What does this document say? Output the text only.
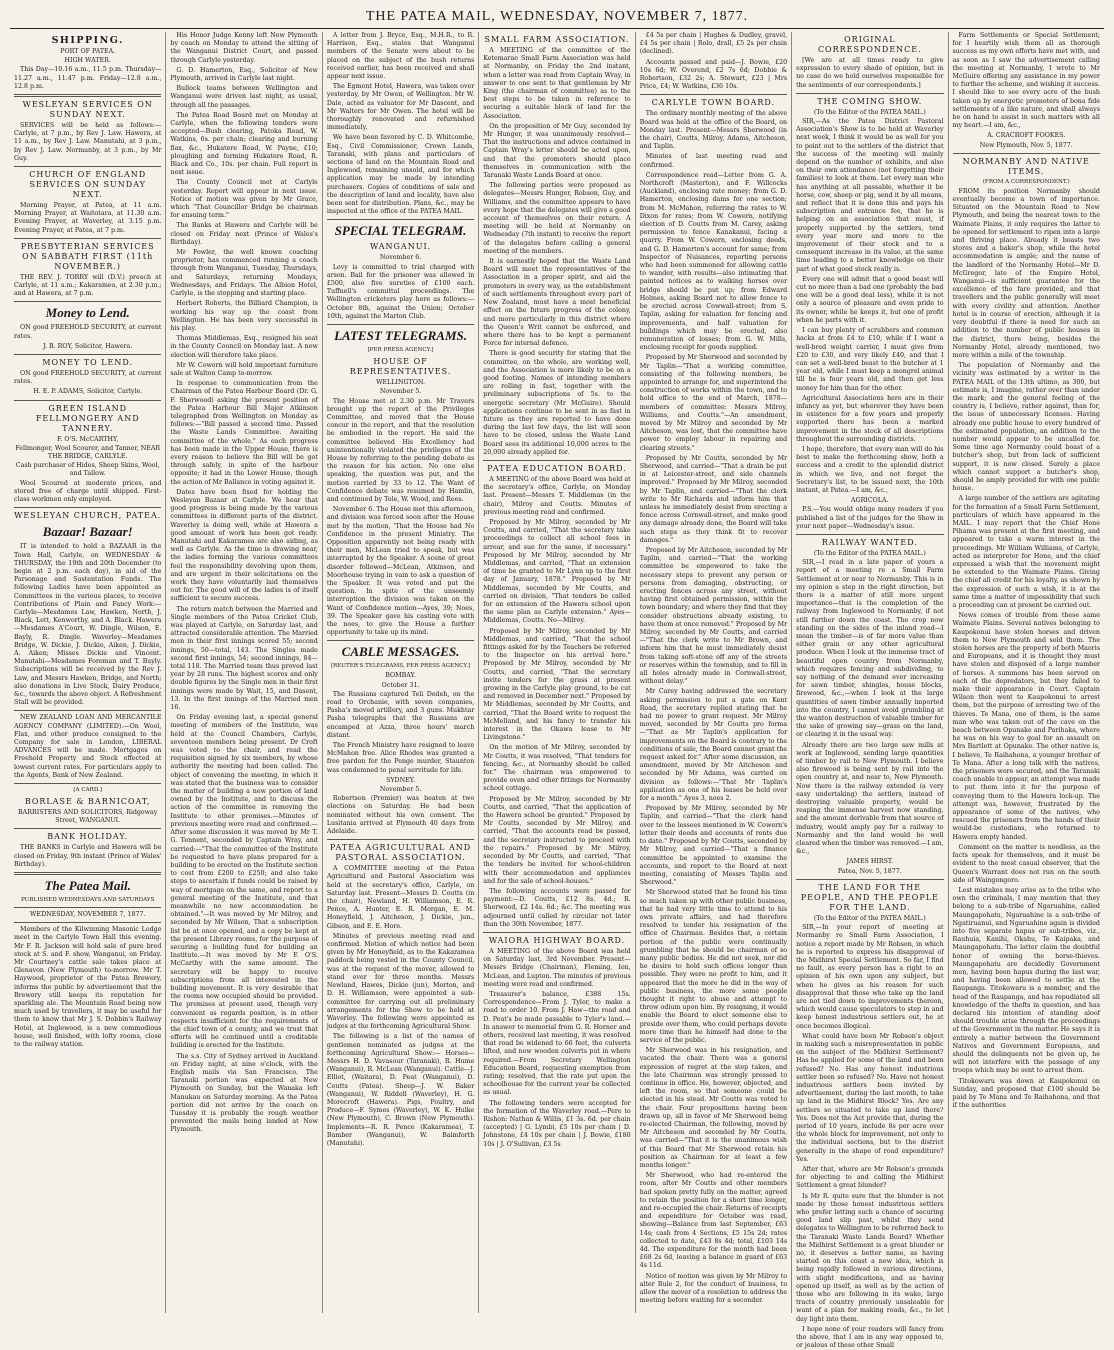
THE PATEA MAIL, WEDNESDAY, NOVEMBER 7, 1877.
SHIPPING.
PORT OF PATEA.
HIGH WATER.
This Day—10.16 a.m., 11.5 p.m. Thursday—11.27 a.m., 11.47 p.m. Friday—12.8 a.m., 12.8 p.m.
WESLEYAN SERVICES ON SUNDAY NEXT.
SERVICES will be held as follows:— Carlyle, at 7 p.m., by Rev J. Law. Hawera, at 11 a.m., by Rev J. Law. Manutahi, at 3 p.m., by Rev J. Law. Normanby, at 3 p.m., by Mr Guy.
CHURCH OF ENGLAND SERVICES ON SUNDAY NEXT.
Morning Prayer, at Patea, at 11 a.m. Morning Prayer, at Waitotara, at 11.30 a.m. Evening Prayer, at Waverley, at 3.15 p.m. Evening Prayer, at Patea, at 7 p.m.
PRESBYTERIAN SERVICES ON SABBATH FIRST (11th NOVEMBER.)
THE REV. J. TORRY will (D.V.) preach at Carlyle, at 11 a.m.; Kakaramea, at 2.30 p.m.; and at Hawera, at 7 p.m.
Money to Lend.
ON good FREEHOLD SECURITY, at current rates.
J. B. ROY, Solicitor, Hawera.
MONEY TO LEND.
ON good FREEHOLD SECURITY, at current rates.
H. E. P. ADAMS, Solicitor, Carlyle.
GREEN ISLAND FELLMONGERY AND TANNERY.
F. O'S. McCARTHY,
Fellmonger, Wool Scourer, and Tanner, NEAR THE BRIDGE, CARLYLE.
Cash purchaser of Hides, Sheep Skins, Wool, and Tallow.
Wool Scoured at moderate prices, and stored free of charge until shipped. First-class workmen only employed.
WESLEYAN CHURCH, PATEA.
Bazaar! Bazaar!
IT is intended to hold a BAZAAR in the Town Hall, Carlyle, on WEDNESDAY & THURSDAY, the 19th and 20th December (to begin at 2 p.m. each day), in aid of the Parsonage and Sustentation Funds. The following Ladies have been appointed as Committees in the various places, to receive Contributions of Plain and Fancy Work:— Carlyle—Mesdames Law, Hawken, North, J. Black, Lett, Kenworthy, and A. Black. Hawera—Mesdames A'Court, W. Dingle, Wilson, E. Bayly, R. Dingle. Waverley—Mesdames Bridge, W. Dickie, J. Dickie, Aiken, J. Dickie, A. Aiken; Misses Dickie and Vincent. Manutahi—Mesdames Foreman and T. Bayly. Subscriptions will be received by the Rev J. Law, and Messrs Hawken, Bridge, and North; also donations in Live Stock, Dairy Produce, &c., towards the above object. A Refreshment Stall will be provided.
NEW ZEALAND LOAN AND MERCANTILE AGENCY COMPANY (LIMITED).—On Wool, Flax, and other produce consigned to the Company for sale in London, LIBERAL ADVANCES will be made. Mortgages on Freehold Property and Stock effected at lowest current rates. For particulars apply to the Agents, Bank of New Zealand.
[A CARD.]
BORLASE & BARNICOAT,
BARRISTERS AND SOLICITORS, Ridgeway Street, WANGANUI.
BANK HOLIDAY.
THE BANKS in Carlyle and Hawera will be closed on Friday, 9th instant (Prince of Wales' Birthday).
The Patea Mail.
PUBLISHED WEDNESDAYS AND SATURDAYS
WEDNESDAY, NOVEMBER 7, 1877.
Members of the Kilwinning Masonic Lodge meet in the Carlyle Town Hall this evening. Mr F. R. Jackson will hold sale of pure bred stock at S. and F. show, Wanganui, on Friday. Mr Courtney's cattle sale takes place at Glenavon (New Plymouth) to-morrow. Mr T. Haywood, proprietor of the Patea Brewery, informs the public by advertisement that the Brewery still keeps its reputation for sparkling ale. The Mountain Road being now much used by travellers, it may be useful for them to know that Mr J. S. Dobbin's Railway Hotel, at Inglewood, is a new commodious house, well finished, with lofty rooms, close to the railway station.
His Honor Judge Kenny left New Plymouth by coach on Monday to attend the sitting of the Wanganui District Court, and passed through Carlyle yesterday.
G. D. Hamerton, Esq., Solicitor of New Plymouth, arrived in Carlyle last night.
Bullock teams between Wellington and Wanganui were driven last night, as usual, through all the passages.
The Patea Road Board met on Monday at Carlyle, when the following tenders were accepted—Bush clearing, Patoka Road, W. Watkins, 6s. per chain; clearing and burning flax, &c., Hukatere Road, W. Payne, £10; ploughing and forming Hukatere Road, R. Black and Co., 10s. per chain. Full report in next issue.
The County Council met at Carlyle yesterday. Report will appear in next issue. Notice of motion was given by Mr Grace, which "That Councillor Bridge be chairman for ensuing term."
The Banks at Hawera and Carlyle will be closed on Friday next (Prince of Wales's Birthday).
Mr Fowler, the well known coaching proprietor, has commenced running a coach through from Wanganui, Tuesday, Thursdays, and Saturdays, returning Mondays, Wednesdays, and Fridays. The Albion Hotel, Carlyle, is the stopping and starting place.
Herbert Roberts, the Billiard Champion, is working his way up the coast from Wellington. He has been very successful in his play.
Thomas Middlemas, Esq., resigned his seat in the County Council on Monday last. A new election will therefore take place.
Mr W. Cowern will hold important furniture sale at Walton Camp to-morrow.
In response to communication from the Chairman of the Patea Harbour Board (Dr. G. F. Sherwood) asking the present position of the Patea Harbour Bill Major Atkinson telegraphed from Wellington on Monday as follows:—"Bill passed a second time. Passed the Waste Lands Committee. Awaiting committee of the whole." As each progress has been made in the Upper House, there is every reason to believe the Bill will be got through safely, in spite of the harbour opposite; it had in the Lower House, though the action of Mr Ballance in voting against it.
Dates have been fixed for holding the Wesleyan Bazaar at Carlyle. We hear that good progress is being made by the various committees in different parts of the district. Waverley is doing well, while at Hawera a good amount of work has been got ready. Manutahi and Kakaramea are also aiding, as well as Carlyle. As the time is drawing near, the ladies forming the various committees feel the responsibility devolving upon them, and are urgent in their solicitations on the work they have voluntarily laid themselves out for. The good will of the ladies is of itself sufficient to secure success.
The return match between the Married and Single members of the Patea Cricket Club, was played at Carlyle, on Saturday last, and attracted considerable attention. The Married men in their first innings scored 55; second innings, 50—total, 143. The Singles made second first innings, 54; second innings, 84—total 118. The Married team thus proved last year by 28 runs. The highest scores and only double figures by the Single men in their first innings were made by Wait, 15, and Dasent, 13. In the first innings of the Married men 16.
On Friday evening last, a special general meeting of members of the Institute, was held at the Council Chambers, Carlyle, seventeen members being present. Dr Croft was voted to the chair, and read the requisition signed by six members, by whose authority the meeting had been called. The object of convening the meeting, in which it was stated that the business was to consider the matter of building a new portion of land owned by the Institute, and to discuss the action of the committee in removing the Institute to other premises.—Minutes of previous meeting were read and confirmed.—After some discussion it was moved by Mr T. G. Tennent, seconded by Captain Wray, and carried:—"That the committee of the Institute be requested to have plans prepared for a building to be erected on the Institute section to cost from £200 to £250; and also take steps to ascertain if funds could be raised by way of mortgage on the same, and report to a general meeting of the Institute, and that meanwhile no new accommodation be obtained."—It was moved by Mr Milroy, and seconded by Mr Wilson, That a subscription list be at once opened, and a copy be kept at the present Library rooms, for the purpose of securing a building fund for building an Institute.—It was moved by Mr F. O'S. McCarthy with the same amount. The secretary will be happy to receive subscriptions from all interested in the building movement. It is very desirable that the rooms now occupied should be provided. The premises at present used, though very convenient as regards position, is in other respects insufficient for the requirements of the chief town of a county, and we trust that efforts will be continued until a creditable building is erected for the Institute.
The s.s. City of Sydney arrived in Auckland on Friday night, at nine o'clock, with the English mails via San Francisco. The Taranaki portion was expected at New Plymouth on Sunday, but the Wanaka left Manukau on Saturday morning. As the Patea portion did not arrive by the coach on Tuesday it is probably the rough weather prevented the mails being landed at New Plymouth.
A letter from J. Bryce, Esq., M.H.R., to R. Harrison, Esq., states that Wanganui members of the Senate were about to be placed on the subject of the bush returns received earlier, has been received and shall appear next issue.
The Egmont Hotel, Hawera, was taken over yesterday, by Mr Owen, of Wellington. Mr W. Dale, acted as valuator for Mr Dascent, and Mr Walters for Mr Owen. The hotel will be thoroughly renovated and refurnished immediately.
We have been favored by C. D. Whitcombe, Esq., Civil Commissioner, Crown Lands, Taranaki, with plans and particulars of sections of land on the Mountain Road and Inglewood, remaining unsold, and for which application may be made by intending purchasers. Copies of conditions of sale and the description of land and locality, have also been sent for distribution. Plans, &c., may be inspected at the office of the PATEA MAIL.
SPECIAL TELEGRAM.
WANGANUI.
November 6.
Levy is committed to trial charged with arson. Bail for the prisoner was allowed in £500, also five sureties of £100 each. Tuffnell's committal proceedings. The Wellington cricketers play here as follows:—October 8th, against the Union; October 10th, against the Marton Club.
LATEST TELEGRAMS.
[PER PRESS AGENCY.]
HOUSE OF REPRESENTATIVES.
WELLINGTON.
November 5.
The House met at 2.30 p.m. Mr Travers brought up the report of the Privileges Committee, and moved that the House concur in the report, and that the resolution be embodied in the report. He said the committee believed His Excellency had unintentionally violated the privileges of the House by referring to the pending debate as the reason for his action. No one else speaking, the question was put, and the motion carried by 33 to 12. The Want of Confidence debate was resumed by Hamlin, and continued by Tole, W. Wood, and Rees.
November 6. The House met this afternoon, and division was forced soon after the House met by the motion, 'That the House had No Confidence in the present Ministry. The Opposition apparently not being ready with their men, McLean tried to speak, but was interrupted by the Speaker. A scene of great disorder followed—McLean, Atkinson, and Moorhouse trying in vain to ask a question of the Speaker. It was voted and put the question. In spite of the unseemly interruption the division was taken on the Want of Confidence motion—Ayes, 39; Noes, 39. The Speaker gave his casting vote with the noes, to give the House a further opportunity to take up its mind.
CABLE MESSAGES.
[REUTER'S TELEGRAMS, PER PRESS AGENCY.]
BOMBAY.
October 31.
The Russians captured Teli Dedeh, on the road to Orchanie, with seven companies, Pasha's moved artillery, and 3 guns. Mukhtar Pasha telegraphs that the Russians are encamped at Azza, three hours' march distant.
The French Ministry have resigned to leave McMahon free. Alice Rhodes was granted a free pardon for the Penge murder, Staunton was condemned to penal servitude for life.
SYDNEY.
November 5.
Robertson (Premier) was beaten at two elections on Saturday. He had been nominated without his own consent. The Lusitania arrived at Plymouth 40 days from Adelaide.
PATEA AGRICULTURAL AND PASTORAL ASSOCIATION.
A COMMITTEE meeting of the Patea Agricultural and Pastoral Association was held at the secretary's office, Carlyle, on Saturday last. Present—Messrs D. Coutts (in the chair), Newland, H. Williamson, E. R. Pence, A. Hunter, E. R. Morgan, E. M. Honeyfield, J. Aitcheson, J. Dickie, jun., Gibson, and E. E. Hore.
Minutes of previous meeting read and confirmed. Motion of which notice had been given by Mr Honeyfield, as to the Kakaramea paddock being vested in the County Council, was at the request of the mover, allowed to stand over for three months. Messrs Newland, Hawes, Dickie (jun), Morton, and D. H. Williamson, were appointed a sub-committee for carrying out all preliminary arrangements for the Show to be held at Waverley. The following were appointed as judges at the forthcoming Agricultural Show.
The following is a list of the names of gentlemen nominated as judges at the forthcoming Agricultural Show:— Horses—Messrs H. D. Vavasour (Taranaki), R. Hume (Wanganui), R. McLean (Wanganui). Cattle—J. Elliot, (Waitara), D. Peat (Wanganui), D. Coutts (Patea). Sheep—J. W. Baker (Wanganui), W. Riddell (Waverley), H. G. Morecroft (Hawera). Pigs, Poultry, and Produce—F. Symes (Waverley), W. K. Hulke (New Plymouth), C. Brown (New Plymouth). Implements—R. R. Pence (Kakaramea), T. Bamber (Wanganui), W. Balmforth (Manutahi).
SMALL FARM ASSOCIATION.
A MEETING of the committee of the Ketemarae Small Farm Association was held at Normanby, on Friday the 2nd instant, when a letter was read from Captain Wray, in answer to one sent to that gentleman by Mr King (the chairman of committee) as to the best steps to be taken in reference to securing a suitable block of land for the Association.
On the proposition of Mr Guy, seconded by Mr Hunger, it was unanimously resolved—That the instructions and advice contained in Captain Wray's letter should be acted upon, and that the promoters should place themselves in communication with the Taranaki Waste Lands Board at once.
The following parties were proposed as delegates—Messrs Hunger, Robson, Guy, and Williams, and the committee appears to have every hope that the delegates will give a good account of themselves on their return. A meeting will be held at Normanby on Wednesday (7th instant) to receive the report of the delegates before calling a general meeting of the members.
It is earnestly hoped that the Waste Land Board will meet the representatives of the Association in a proper spirit, and aid the promoters in every way, as the establishment of such settlements throughout every part of New Zealand, must have a most beneficial effect on the future progress of the colony, and more particularly in this district where the Queen's Writ cannot be enforced, and where there has to be kept a permanent Force for internal defence.
There is good security for stating that the committee, on the whole, are working well, and the Association is more likely to be on a good footing. Names of intending members are rolling in fast, together with the preliminary subscriptions of 5s. to the energetic secretary (Mr McGuire). Should applications continue to be sent in as fast in future as they are reported to have done during the last few days, the list will soon have to be closed, unless the Waste Land Board sees its additional 10,000 acres to the 20,000 already applied for.
PATEA EDUCATION BOARD.
A MEETING of the above Board was held at the secretary's office, Carlyle, on Monday last. Present—Messrs T. Middlemas (in the chair), Milroy and Coutts. Minutes of previous meeting read and confirmed.
Proposed by Mr Milroy, seconded by Mr Coutts, and carried, "That the secretary take proceedings to collect all school fees in arrear, and sue for the same, if necessary." Proposed by Mr Milroy, seconded by Mr Middlemas, and carried, "That an extension of time be granted to Mr Lynn up to the first day of January, 1878." Proposed by Mr Middlemas, seconded by Mr Coutts, and carried on division, "That tenders be called for an extension of the Hawera school upon the same plan as Carlyle extension." Ayes—Middlemas, Coutts. No—Milroy.
Proposed by Mr Milroy, seconded by Mr Middlemas, and carried, "That the school fittings asked for by the Teachers be referred to the Inspector on his arrival here." Proposed by Mr Milroy, seconded by Mr Coutts, and carried, "That the secretary invite tenders for the grass at present growing in the Carlyle play ground, to be cut and removed in December next." Proposed by Mr Middlemas, seconded by Mr Coutts, and carried, "That the Board write to request the McMelland, and his fancy to transfer his interest in the Okawa lease to Mr Livingstone."
On the motion of Mr Milroy, seconded by Mr Coutts, it was resolved, "That tenders for fencing, &c., at Normanby should be called for." The chairman was empowered to provide oven and other fittings for Normanby school cottage.
Proposed by Mr Milroy, seconded by Mr Coutts, and carried, "That the application of the Hawera school be granted." Proposed by Mr Coutts, seconded by Mr Milroy, and carried, "That the accounts read be passed, and the secretary instructed to proceed with the repairs." Proposed by Mr Milroy, seconded by Mr Coutts, and carried, "That the tenders be invited for school-children with their accommodation and appliances and for the sale of school-houses."
The following accounts were passed for payment:—D. Coutts, £12 8s. 4d.; R. Sherwood, £2 14s. 6d.; &c. The meeting was adjourned until called by circular not later than the 30th November, 1877.
WAIORA HIGHWAY BOARD.
A MEETING of the above Board was held on Saturday last, 3rd November. Present—Messrs Bridge (Chairman), Fleming, Ion, McLean, and Lupton. The minutes of previous meeting were read and confirmed.
Treasurer's balance, £388 15s. Correspondence—From J. Tyler, to make a road to order 10. From J. Haw—the road and D. Peat's be made passable to Tyler's land.—In answer to memorial from G. R. Horner and others, received last meeting, it was resolved that road be widened to 66 feet, the culverts lifted, and new wooden culverts put in where required.—From Secretary Wellington Education Board, requesting exemption from rating; resolved, that the rate put upon the schoolhouse for the current year be collected as usual.
The following tenders were accepted for the formation of the Waverley road.—Pere to Rishon: Nathan & Willis, £1 3s. 6d. per chain (accepted) | G. Lymbi, £5 10s per chain | D. Johnstone, £4 10s per chain | J. Bowie, £180 10s | J. O'Sullivan, £3 5s
£4 5s per chain | Hughes & Dudley, gravel, £4 5s per chain | Rolo, drall, £5 2s per chain (declined).
Accounts passed and paid—J. Bowie, £20 10s 6d; W. Overend, £2 7s 6d; Dobbie & Robertson, £32 2s; A. Stewart, £23 | Mrs Price, £4; W. Watkins, £36 10s.
CARLYLE TOWN BOARD.
The ordinary monthly meeting of the above Board was held at the office of the Board, on Monday last. Present—Messrs Sherwood (in the chair), Coutts, Milroy, Adams, Aitcheson, and Taplin.
Minutes of last meeting read and confirmed.
Correspondence read—Letter from G. A. Northcroft (Masterton), and F. Willcocks (Auckland), enclosing rate money; from G. D. Hamerton, enclosing dams for one section; from M. McMahon, referring the rates to W. Dixon for rates; from W. Cowern, notifying election of D. Coutts from M. Carey, asking permission to fence Kanakanui, facing a quarry. From W. Cowern, enclosing deeds, and G. D. Hamerton's account for same; from Inspector of Nuisances, reporting persons who had been summoned for allowing cattle to wander, with results—also intimating that painted notices as to walking horses over bridge should be put up; from Edward Holmes, asking Board not to allow fence to be erected across Cowwall-street; from S. Taplin, asking for valuation for fencing and improvements, and half valuation for buildings which may be erected, also remuneration of losses; from G. W. Mills, enclosing receipt for goods supplied.
Proposed by Mr Sherwood and seconded by Mr Taplin—"That a working committee, consisting of the following members, be appointed to arrange for, and superintend the construction of works within the town, and to hold office to the end of March, 1878—members of committee: Messrs Milroy, Williams, and Coutts."—An amendment, moved by Mr Milroy and seconded by Mr Aitcheson, was lost, that the committee have power to employ labour in repairing and clearing streets."
Proposed by Mr Coutts, seconded by Mr Sherwood, and carried—"That a drain be put in at Leicester-street, and side channels improved." Proposed by Mr Milroy, seconded by Mr Taplin, and carried—"That the clerk write to Mr Richards and inform him that unless he immediately desist from erecting a fence across Cornwall-street, and make good any damage already done, the Board will take such steps as they think fit to recover damages."
Proposed by Mr Aitcheson, seconded by Mr Taplin, and carried—"That the working committee be empowered to take the necessary steps to prevent any person or persons from damaging, obstructing, or erecting fences across any street, without having first obtained permission, within the town boundary; and where they find that they consider obstructions already existing, to have them at once removed." Proposed by Mr Milroy, seconded by Mr Coutts, and carried—"That the clerk write to Mr Brown, and inform him that he must immediately desist from taking soft-stone off any of the streets or reserves within the township, and to fill in all holes already made in Cornwall-street, without delay."
Mr Carey having addressed the secretary asking permission to put a gate on Kent Road, the secretary replied stating that he had no power to grant request. Mr Milroy moved, seconded by Mr Coutts pro forma—"That as Mr Taplin's application for improvements on the Board is contrary to the conditions of sale, the Board cannot grant the request asked for." After some discussion, an amendment, moved by Mr Aitcheson and seconded by Mr Adams, was carried on division as follows:—"That Mr Taplin's application as one of his leases be held over for a month." Ayes 3, noes 2.
Proposed by Mr Milroy, seconded by Mr Taplin, and carried—"That the clerk hand over to the lessees mentioned in W. Cowern's letter their deeds and accounts of rents due to date." Proposed by Mr Coutts, seconded by Mr Milroy, and carried—"That a finance committee be appointed to examine the accounts, and report to the Board at next meeting, consisting of Messrs Taplin and Sherwood."
Mr Sherwood stated that he found his time so much taken up with other public business, that he had very little time to attend to his own private affairs, and had therefore resolved to tender his resignation of the office of Chairman. Besides that, a certain portion of the public were continually grumbling that he should be chairman of so many public bodies. He did not seek, nor did he desire to hold such offices longer than possible. They were no profit to him, and it appeared that the more he did in the way of public business, the more some people thought it right to abuse and attempt to throw odium upon him. By resigning, it would enable the Board to elect someone else to preside over them, who could perhaps devote more time than he himself had done to the service of the public.
Mr Sherwood was in his resignation, and vacated the chair. There was a general expression of regret at the step taken, and the late Chairman was strongly pressed to continue in office. He, however, objected, and left the room, so that someone could be elected in his stead. Mr Coutts was voted to the chair. Four propositions having been drawn up, all in favor of Mr Sherwood being re-elected Chairman, the following, moved by Mr Aitcheson and seconded by Mr Coutts, was carried—"That it is the unanimous wish of this Board that Mr Sherwood retain his position as Chairman for at least a few months longer."
Mr Sherwood, who had re-entered the room, after Mr Coutts and other members had spoken pretty fully on the matter, agreed to retain the position for a short time longer, and re-occupied the chair. Returns of receipts and expenditure for October was read, showing—Balance from last September, £63 14s; cash from 4 Sections, £5 15s 2d; rates collected to date, £43 8s 4d; total, £103 14s 4d. The expenditure for the month had been £68 2s 6d, leaving a balance in guard of £63 4s 11d.
Notice of motion was given by Mr Milroy to alter Rule 2, for the conduct of business, to allow the mover of a resolution to address the meeting before waiting for a seconder.
ORIGINAL CORRESPONDENCE.
[We are at all times ready to give expression to every shade of opinion, but in no case do we hold ourselves responsible for the sentiments of our correspondents.]
THE COMING SHOW.
(To the Editor of the PATEA MAIL.)
SIR,—As the Patea District Pastoral Association's Show is to be held at Waverley next week, I think it would be as well for you to point out to the settlers of the district that the success of the meeting will mainly depend on the number of exhibits, and also on their own attendance (not forgetting their families) to look at them. Let every man who has anything at all passable, whether it be horse, cow, sheep or pig, send it by all means, and reflect that it is done this and pays his subscription and entrance fee, that he is helping on an association that must, if properly supported by the settlers, tend every year more and more to the improvement of their stock and to a consequent increase in its value, at the same time leading to a better knowledge on their part of what good stock really is.
Every one will admit that a good beast will cut no more than a bad one (probably the bad one will be a good deal less), while it is not only a source of pleasure and even pride to its owner, while he keeps it, but one of profit when he parts with it.
I can buy plenty of scrubbers and common hacks at from £4 to £10, while if I want a well-bred weight carrier, I must give from £20 to £30, and very likely £40, and that I can set a well-bred beast to the butcher at 1 year old, while I must keep a mongrel animal till he is four years old, and then get less money for him than for the other.
Agricultural Associations here are in their infancy as yet, but wherever they have been in existence for a few years and properly supported there has been a marked improvement in the stock of all descriptions throughout the surrounding districts.
I hope, therefore, that every man will do his best to make the forthcoming show, both a success and a credit to the splendid district in which we live, and not forget the Secretary's list, to be issued next, the 10th instant, at Patea.—I am, &c.,
AGRICOLA.
P.S.—You would oblige many readers if you published a list of the judges for the Show in your next paper—Wednesday's issue.
RAILWAY WANTED.
(To the Editor of the PATEA MAIL.)
SIR,—I read in a late paper of yours a report of a meeting re a Small Farm Settlement at or near to Normanby. This is in my opinion a step in the right direction, but there is a matter of still more urgent importance—that is the completion of the railway from Inglewood to Normanby, if not still further down the coast. The crop now standing on the sides of the inland road—I mean the timber—is of far more value than either grain or any other agricultural produce. When I look at the immense tract of beautiful open country from Normanby, which requires fencing and subdividing, to say nothing of the demand ever increasing for sawn timber, shingles, house blocks, firewood, &c.,—when I look at the large quantities of sawn timber annually imported into the country, I cannot avoid grumbling at the wanton destruction of valuable timber for the sake of growing say—grass on the land, or clearing it in the usual way.
Already there are two large saw mills at work at Inglewood, sending large quantities of timber by rail to New Plymouth. I believe also firewood is being sent by rail into the open country at, and near to, New Plymouth. Now there is the railway extended (a very easy undertaking) the settlers, instead of destroying valuable property, would be reaping the immense harvest now standing, and the amount derivable from that source of industry, would amply pay for a railway to Normanby and the land would be well cleared when the timber was removed.—I am, &c.,
JAMES HIRST.
Patea, Nov. 5, 1877.
THE LAND FOR THE PEOPLE, AND THE PEOPLE FOR THE LAND.
(To the Editor of the PATEA MAIL.)
SIR,—In your report of meeting at Normanby re Small Farm Association, I notice a report made by Mr Robson, in which he is reported to express his disapproval of the Midhirst Special Settlement. So far, I find no fault, as every person has a right to an opinion of his own upon any subject, but when he gives as his reason for such disapproval that those who take up the land are not tied down to improvements thereon, which would cause speculators to step in and keep honest industrious settlers out, he at once becomes illogical.
What could have been Mr Robson's object in making such a misrepresentation in public on the subject of the Midhirst Settlement? Has he applied for some of the land and been refused? No. Has any honest industrious settler been so refused? No. Have not honest industrious settlers been invited by advertisement, during the last month, to take up land in the Midhirst Block? Yes. Are any settlers so situated to take up land there? Yes. Does not the Act provide that, during the period of 10 years, include 8s per acre over the whole block for improvement, not only to the individual sections, but to the district generally in the shape of road expenditure? Yes.
After that, where are Mr Robson's grounds for objecting to and calling the Midhirst Settlement a great blunder?
Is Mr R. quite sure that the blunder is not made by those honest industrious settlers who prefer letting such a chance of securing good land slip past, whilst they send delegates to Wellington to be referred back to the Taranaki Waste Lands Board? Whether the Midhirst Settlement is a great blunder or no, it deserves a better name, as having started on this coast a new idea, which is being rapidly followed in various directions, with slight modifications, and as having opened up itself, as well as by the action of those who are following in its wake, large tracts of country previously unsaleable for want of a plan for making roads, &c., to let day light into them.
I hope none of your readers will fancy from the above, that I am in any way opposed to, or jealous of these other Small
Farm Settlements or Special Settlement; for I heartily wish them all as thorough success as my own efforts have met with, and as soon as I saw the advertisement calling the meeting at Normanby, I wrote to Mr McGuire offering any assistance in my power to further the scheme, and wishing it success. I should like to see every acre of the bush taken up by energetic promoters of bona fide settlements of a like nature, and shall always be on hand to assist in such matters with all my heart.—I am, &c.,
A. CRACROFT FOOKES.
New Plymouth, Nov. 5, 1877.
NORMANBY AND NATIVE ITEMS.
(FROM A CORRESPONDENT.)
FROM its position Normanby should eventually become a town of importance. Situated on the Mountain Road to New Plymouth, and being the nearest town to the Waimate Plains, it only requires the latter to be opened for settlement to ripen into a large and thriving place. Already it boasts two stores and a baker's shop, while the hotel accommodation is ample; and the name of the landlord of the Normanby Hotel—Mr D. McGregor, late of the Empire Hotel, Wanganui—is sufficient guarantee for the excellence of the fare provided, and that travellers and the public generally will meet with every civility and attention. Another hotel is in course of erection, although it is very doubtful if there is need for such an addition to the number of public houses in the district, there being, besides the Normanby Hotel, already mentioned, two more within a mile of the township.
The population of Normanby and the vicinity was estimated by a writer in the PATEA MAIL of the 13th ultimo, as 300, but estimate is, I imagine, rather over than under the mark; and the general feeling of the country is, I believe, rather against, than for, the issue of unnecessary licenses. Having already one public house to every hundred of the estimated population, an addition to the number would appear to be uncalled for. Some time ago Normanby could boast of a butcher's shop, but from lack of sufficient support, it is now closed. Surely a place which cannot support a butcher's shop, should be amply provided for with one public house.
A large number of the settlers are agitating for the formation of a Small Farm Settlement, particulars of which have appeared in the MAIL. I may report that the Chief Hone Pihama was present at the first meeting, and appeared to take a warm interest in the proceedings. Mr William Williams, of Carlyle, acted as interpreter for Hone, and the chief expressed a wish that the movement might be extended to the Waimate Plains. Giving the chief all credit for his loyalty, as shown by the expression of such a wish, it is at the same time a matter of impossibility that such a proceeding can at present be carried out.
News comes of trouble from these same Waimate Plains. Several natives belonging to Kaupokonui have stolen horses and driven them to New Plymouth and sold them. The stolen horses are the property of both Maoris and Europeans, and it is thought they must have stolen and disposed of a large number of horses. A summons has been served on each of the depredators, but they failed to make their appearance in Court. Captain Wilson then went to Kaupokonui to arrest them, but the purpose of arresting two of the thieves. Te Mana, one of them, is the same man who was taken out of the cave on the beach between Opunake and Parihaka, where he was on his way to goal for an assault on Mrs Bartlett at Opunake. The other native is, I believe, Te Raihahona, a younger brother of Te Mana. After a long talk with the natives, the prisoners were secured, and the Taranaki coach unable to appear, an attempt was made to put them into it for the purpose of conveying them to the Hawera lock-up. The attempt was, however, frustrated by the appearance of some of the natives, who rescued the prisoners from the hands of their would-be custodians, who returned to Hawera empty handed.
Comment on the matter is needless, as the facts speak for themselves, and it must be evident to the most casual observer, that the Queen's Warrant does not run on the south side of Waingongoro.
Lest mistakes may arise as to the tribe who own the criminals, I may mention that they belong to a sub-tribe of Ngaruahine, called Maungapohatu, Ngaruahine is a sub-tribe of Ngatiruanui, and Ngaruahine again is divided into five separate hapus or sub-tribes, viz., Rauhuia, Kanihi, Okahu, Te Kaipaka, and Maungapohatu. The latter claim the doubtful honor of owning the horse-thieves. Maungapohatu are decidedly Government men, having been hapus during the last war, and having been allowed to settle at the Raupanga. Titokowaru is a member, and the head of the Raupanga, and has repudiated all knowledge of the thefts in question, and has declared his intention of standing aloof should trouble arise through the proceedings of the Government in the matter. He says it is entirely a matter between the Government Natives and Government Europeans, and should the delinquents not be given up, he will not interfere with the passage of any troops which may be sent to arrest them.
Titokowaru was down at Kaupokonui on Sunday, and proposed that £100 should be paid by Te Mana and Te Raihahona, and that if the authorities
